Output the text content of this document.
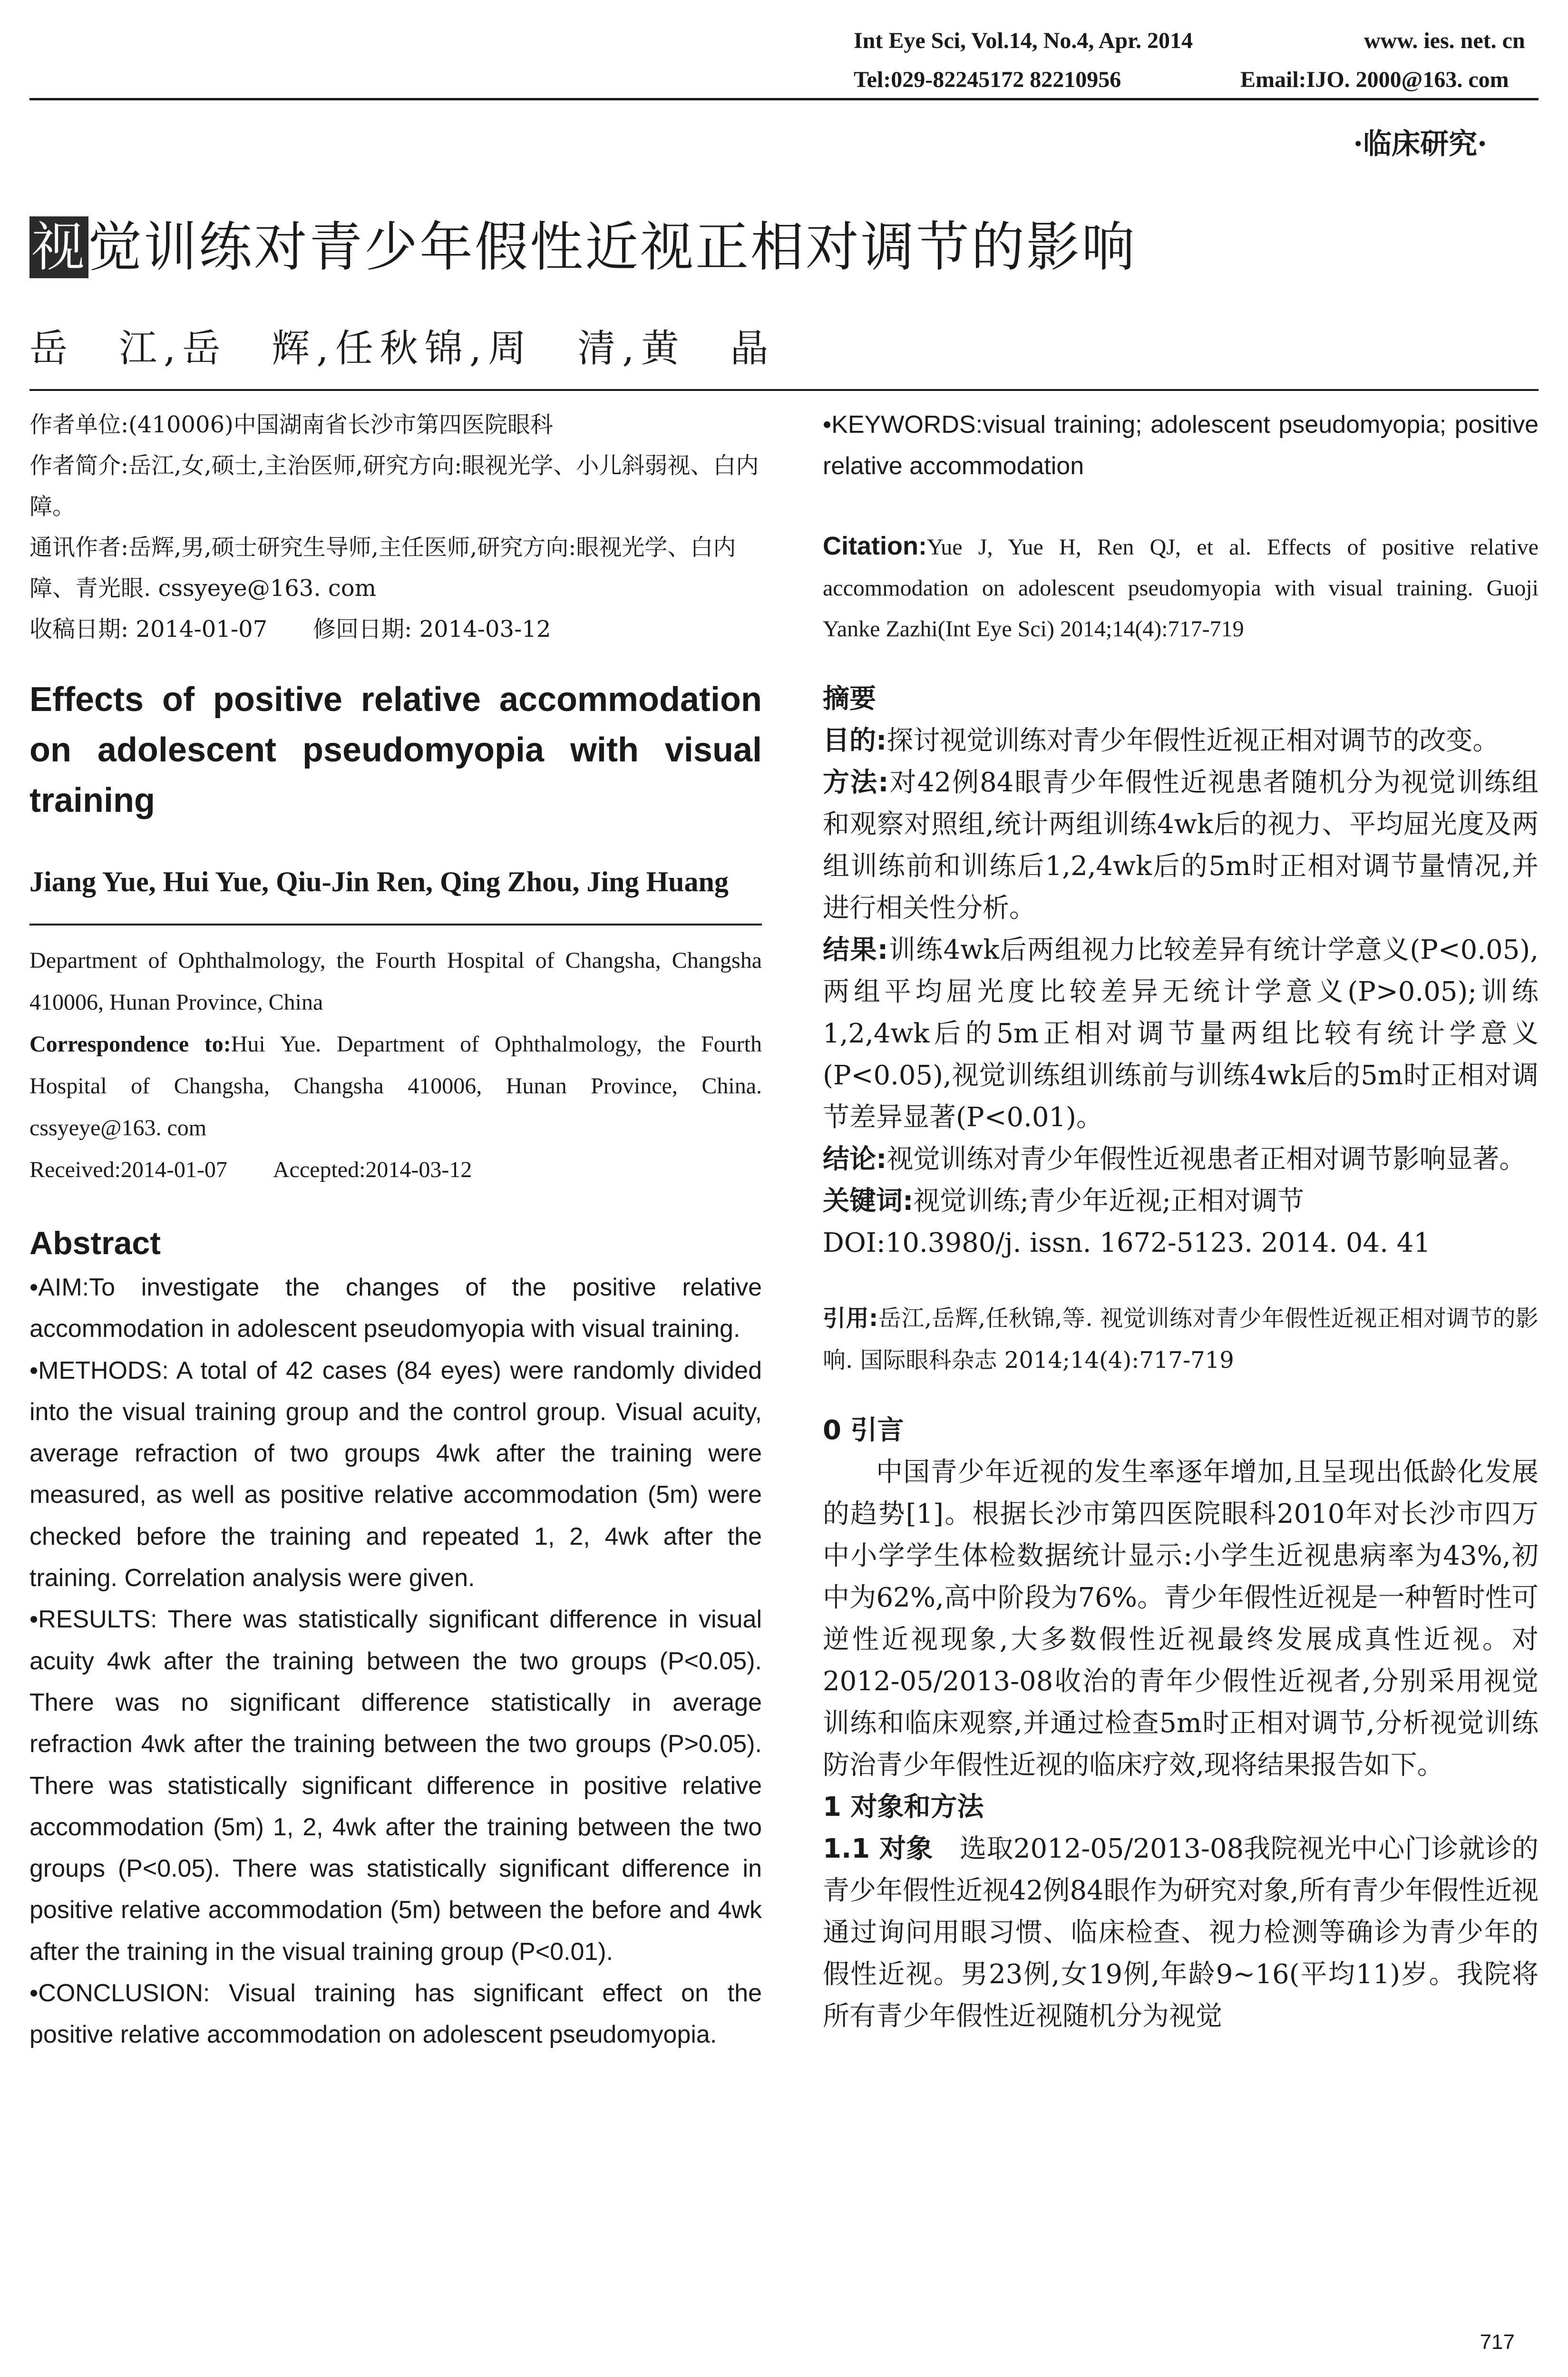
Int Eye Sci, Vol.14, No.4, Apr. 2014	www. ies. net. cn
Tel:029-82245172 82210956	Email:IJO. 2000@163. com
·临床研究·
视觉训练对青少年假性近视正相对调节的影响
岳　江,岳　辉,任秋锦,周　清,黄　晶

作者单位:(410006)中国湖南省长沙市第四医院眼科

作者简介:岳江,女,硕士,主治医师,研究方向:眼视光学、小儿斜弱视、白内障。

通讯作者:岳辉,男,硕士研究生导师,主任医师,研究方向:眼视光学、白内障、青光眼. cssyeye@163. com

收稿日期: 2014-01-07　　修回日期: 2014-03-12

Effects of positive relative accommodation on adolescent pseudomyopia with visual training
Jiang Yue, Hui Yue, Qiu-Jin Ren, Qing Zhou, Jing Huang

Department of Ophthalmology, the Fourth Hospital of Changsha, Changsha 410006, Hunan Province, China

Correspondence to:Hui Yue. Department of Ophthalmology, the Fourth Hospital of Changsha, Changsha 410006, Hunan Province, China. cssyeye@163. com

Received:2014-01-07　　Accepted:2014-03-12

Abstract

•AIM:To investigate the changes of the positive relative accommodation in adolescent pseudomyopia with visual training.

•METHODS: A total of 42 cases (84 eyes) were randomly divided into the visual training group and the control group. Visual acuity, average refraction of two groups 4wk after the training were measured, as well as positive relative accommodation (5m) were checked before the training and repeated 1, 2, 4wk after the training. Correlation analysis were given.

•RESULTS: There was statistically significant difference in visual acuity 4wk after the training between the two groups (P<0.05). There was no significant difference statistically in average refraction 4wk after the training between the two groups (P>0.05). There was statistically significant difference in positive relative accommodation (5m) 1, 2, 4wk after the training between the two groups (P<0.05). There was statistically significant difference in positive relative accommodation (5m) between the before and 4wk after the training in the visual training group (P<0.01).

•CONCLUSION: Visual training has significant effect on the positive relative accommodation on adolescent pseudomyopia.

•KEYWORDS:visual training; adolescent pseudomyopia; positive relative accommodation

Citation:Yue J, Yue H, Ren QJ, et al. Effects of positive relative accommodation on adolescent pseudomyopia with visual training. Guoji Yanke Zazhi(Int Eye Sci) 2014;14(4):717-719
摘要

目的:探讨视觉训练对青少年假性近视正相对调节的改变。

方法:对42例84眼青少年假性近视患者随机分为视觉训练组和观察对照组,统计两组训练4wk后的视力、平均屈光度及两组训练前和训练后1,2,4wk后的5m时正相对调节量情况,并进行相关性分析。

结果:训练4wk后两组视力比较差异有统计学意义(P<0.05),两组平均屈光度比较差异无统计学意义(P>0.05);训练1,2,4wk后的5m正相对调节量两组比较有统计学意义(P<0.05),视觉训练组训练前与训练4wk后的5m时正相对调节差异显著(P<0.01)。

结论:视觉训练对青少年假性近视患者正相对调节影响显著。

关键词:视觉训练;青少年近视;正相对调节

DOI:10.3980/j. issn. 1672-5123. 2014. 04. 41

引用:岳江,岳辉,任秋锦,等. 视觉训练对青少年假性近视正相对调节的影响. 国际眼科杂志 2014;14(4):717-719
0 引言

中国青少年近视的发生率逐年增加,且呈现出低龄化发展的趋势[1]。根据长沙市第四医院眼科2010年对长沙市四万中小学学生体检数据统计显示:小学生近视患病率为43%,初中为62%,高中阶段为76%。青少年假性近视是一种暂时性可逆性近视现象,大多数假性近视最终发展成真性近视。对2012-05/2013-08收治的青年少假性近视者,分别采用视觉训练和临床观察,并通过检查5m时正相对调节,分析视觉训练防治青少年假性近视的临床疗效,现将结果报告如下。

1 对象和方法

1.1 对象　 选取2012-05/2013-08我院视光中心门诊就诊的青少年假性近视42例84眼作为研究对象,所有青少年假性近视通过询问用眼习惯、临床检查、视力检测等确诊为青少年的假性近视。男23例,女19例,年龄9~16(平均11)岁。我院将所有青少年假性近视随机分为视觉

717
